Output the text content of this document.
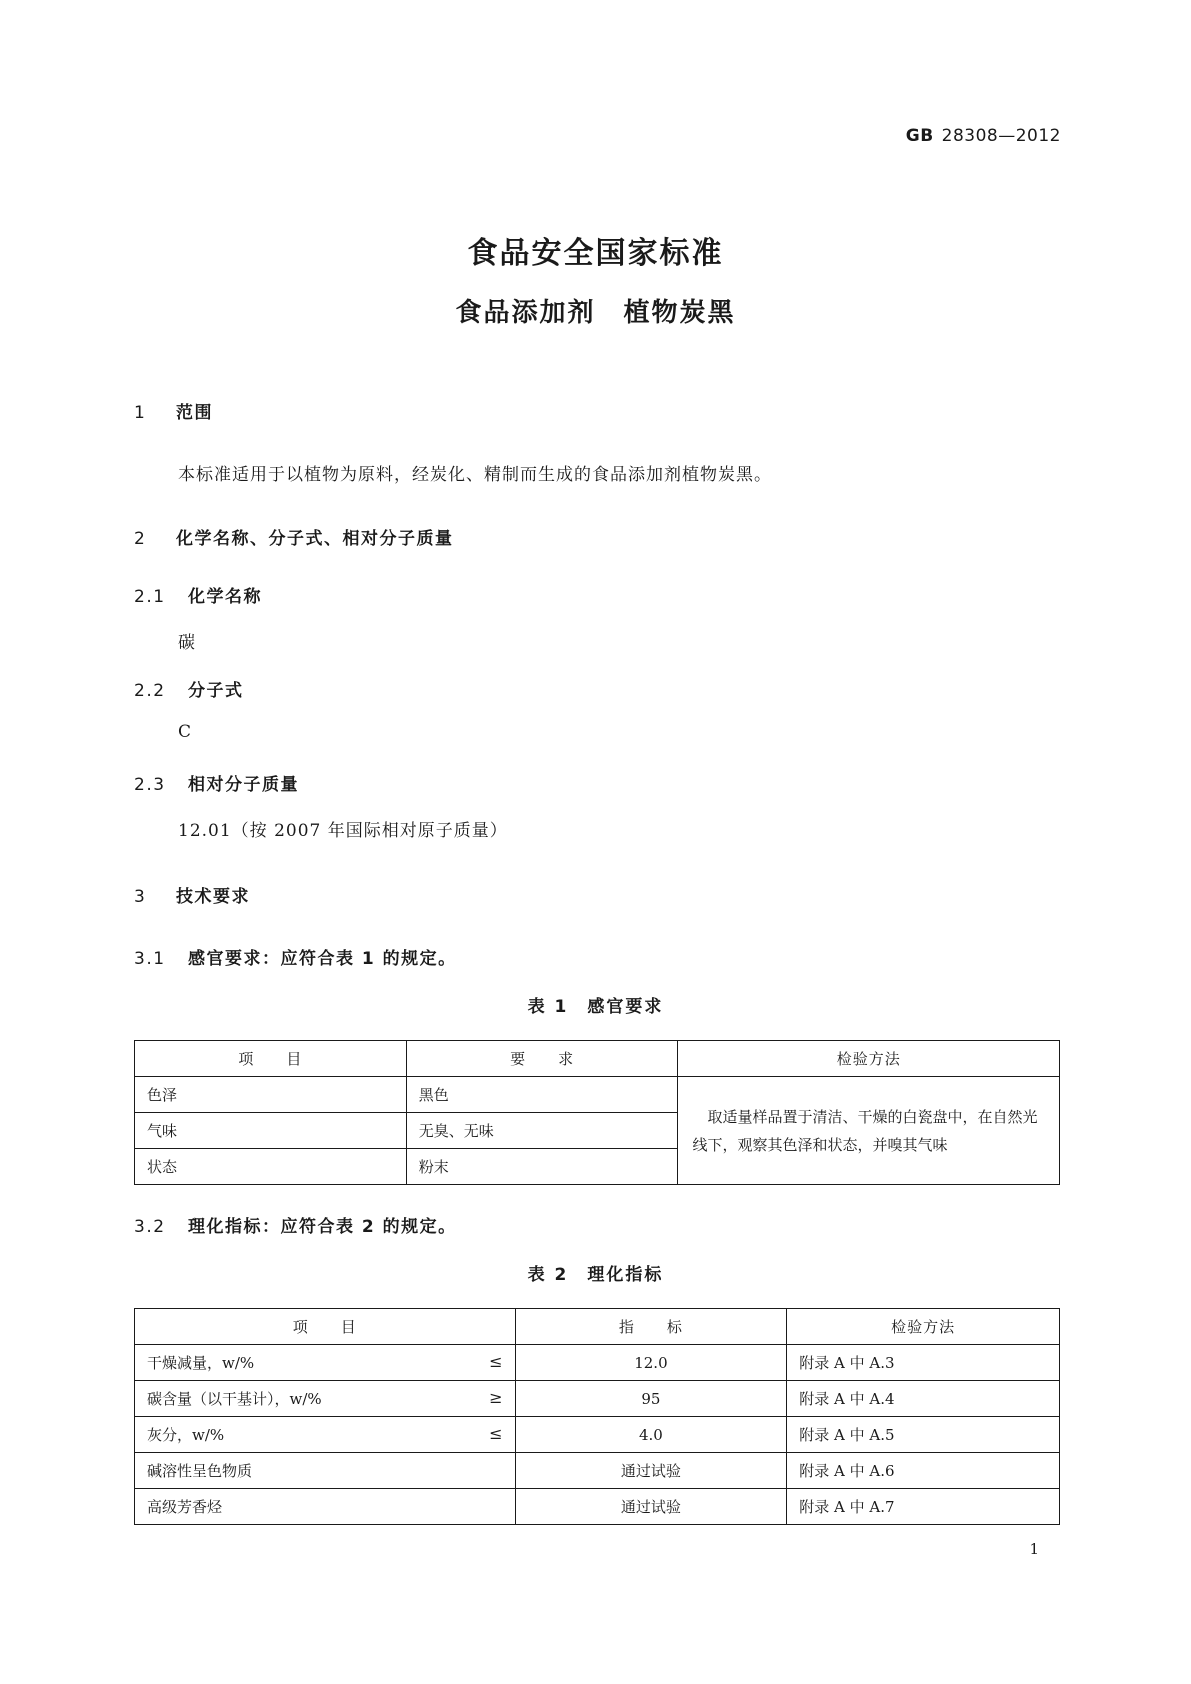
GB 28308—2012
食品安全国家标准
食品添加剂　植物炭黑
1 范围
本标准适用于以植物为原料，经炭化、精制而生成的食品添加剂植物炭黑。
2 化学名称、分子式、相对分子质量
2.1 化学名称
碳
2.2 分子式
C
2.3 相对分子质量
12.01（按 2007 年国际相对原子质量）
3 技术要求
3.1 感官要求：应符合表 1 的规定。
表 1　感官要求
项　　目	要　　求	检验方法
色泽	黑色	取适量样品置于清洁、干燥的白瓷盘中，在自然光线下，观察其色泽和状态，并嗅其气味
气味	无臭、无味	
状态	粉末	
3.2 理化指标：应符合表 2 的规定。
表 2　理化指标
项　　目	指　　标	检验方法
干燥减量，w/% ≤	12.0	附录 A 中 A.3
碳含量（以干基计），w/% ≥	95	附录 A 中 A.4
灰分，w/% ≤	4.0	附录 A 中 A.5
碱溶性呈色物质	通过试验	附录 A 中 A.6
高级芳香烃	通过试验	附录 A 中 A.7
1
